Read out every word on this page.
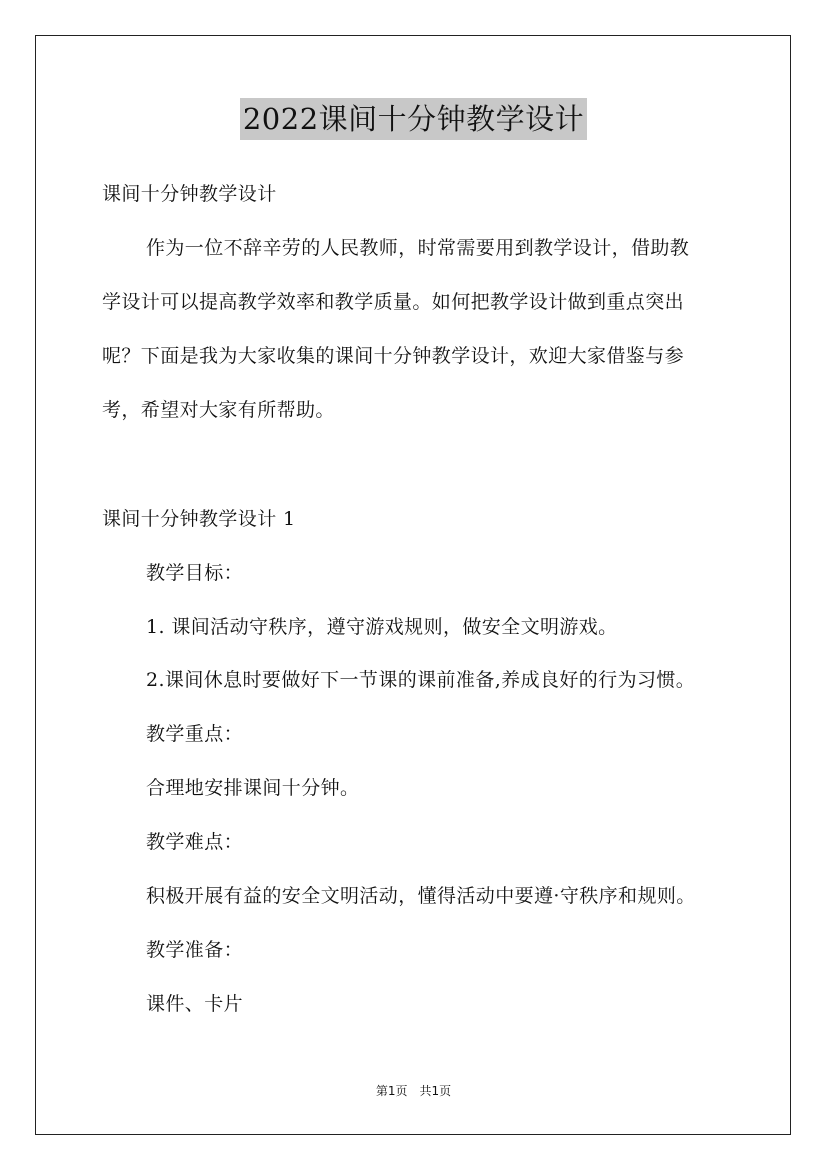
2022课间十分钟教学设计
课间十分钟教学设计
作为一位不辞辛劳的人民教师，时常需要用到教学设计，借助教
学设计可以提高教学效率和教学质量。如何把教学设计做到重点突出
呢？下面是我为大家收集的课间十分钟教学设计，欢迎大家借鉴与参
考，希望对大家有所帮助。
课间十分钟教学设计 1
教学目标：
1. 课间活动守秩序，遵守游戏规则，做安全文明游戏。
2.课间休息时要做好下一节课的课前准备,养成良好的行为习惯。
教学重点：
合理地安排课间十分钟。
教学难点：
积极开展有益的安全文明活动，懂得活动中要遵·守秩序和规则。
教学准备：
课件、卡片
第1页 共1页
